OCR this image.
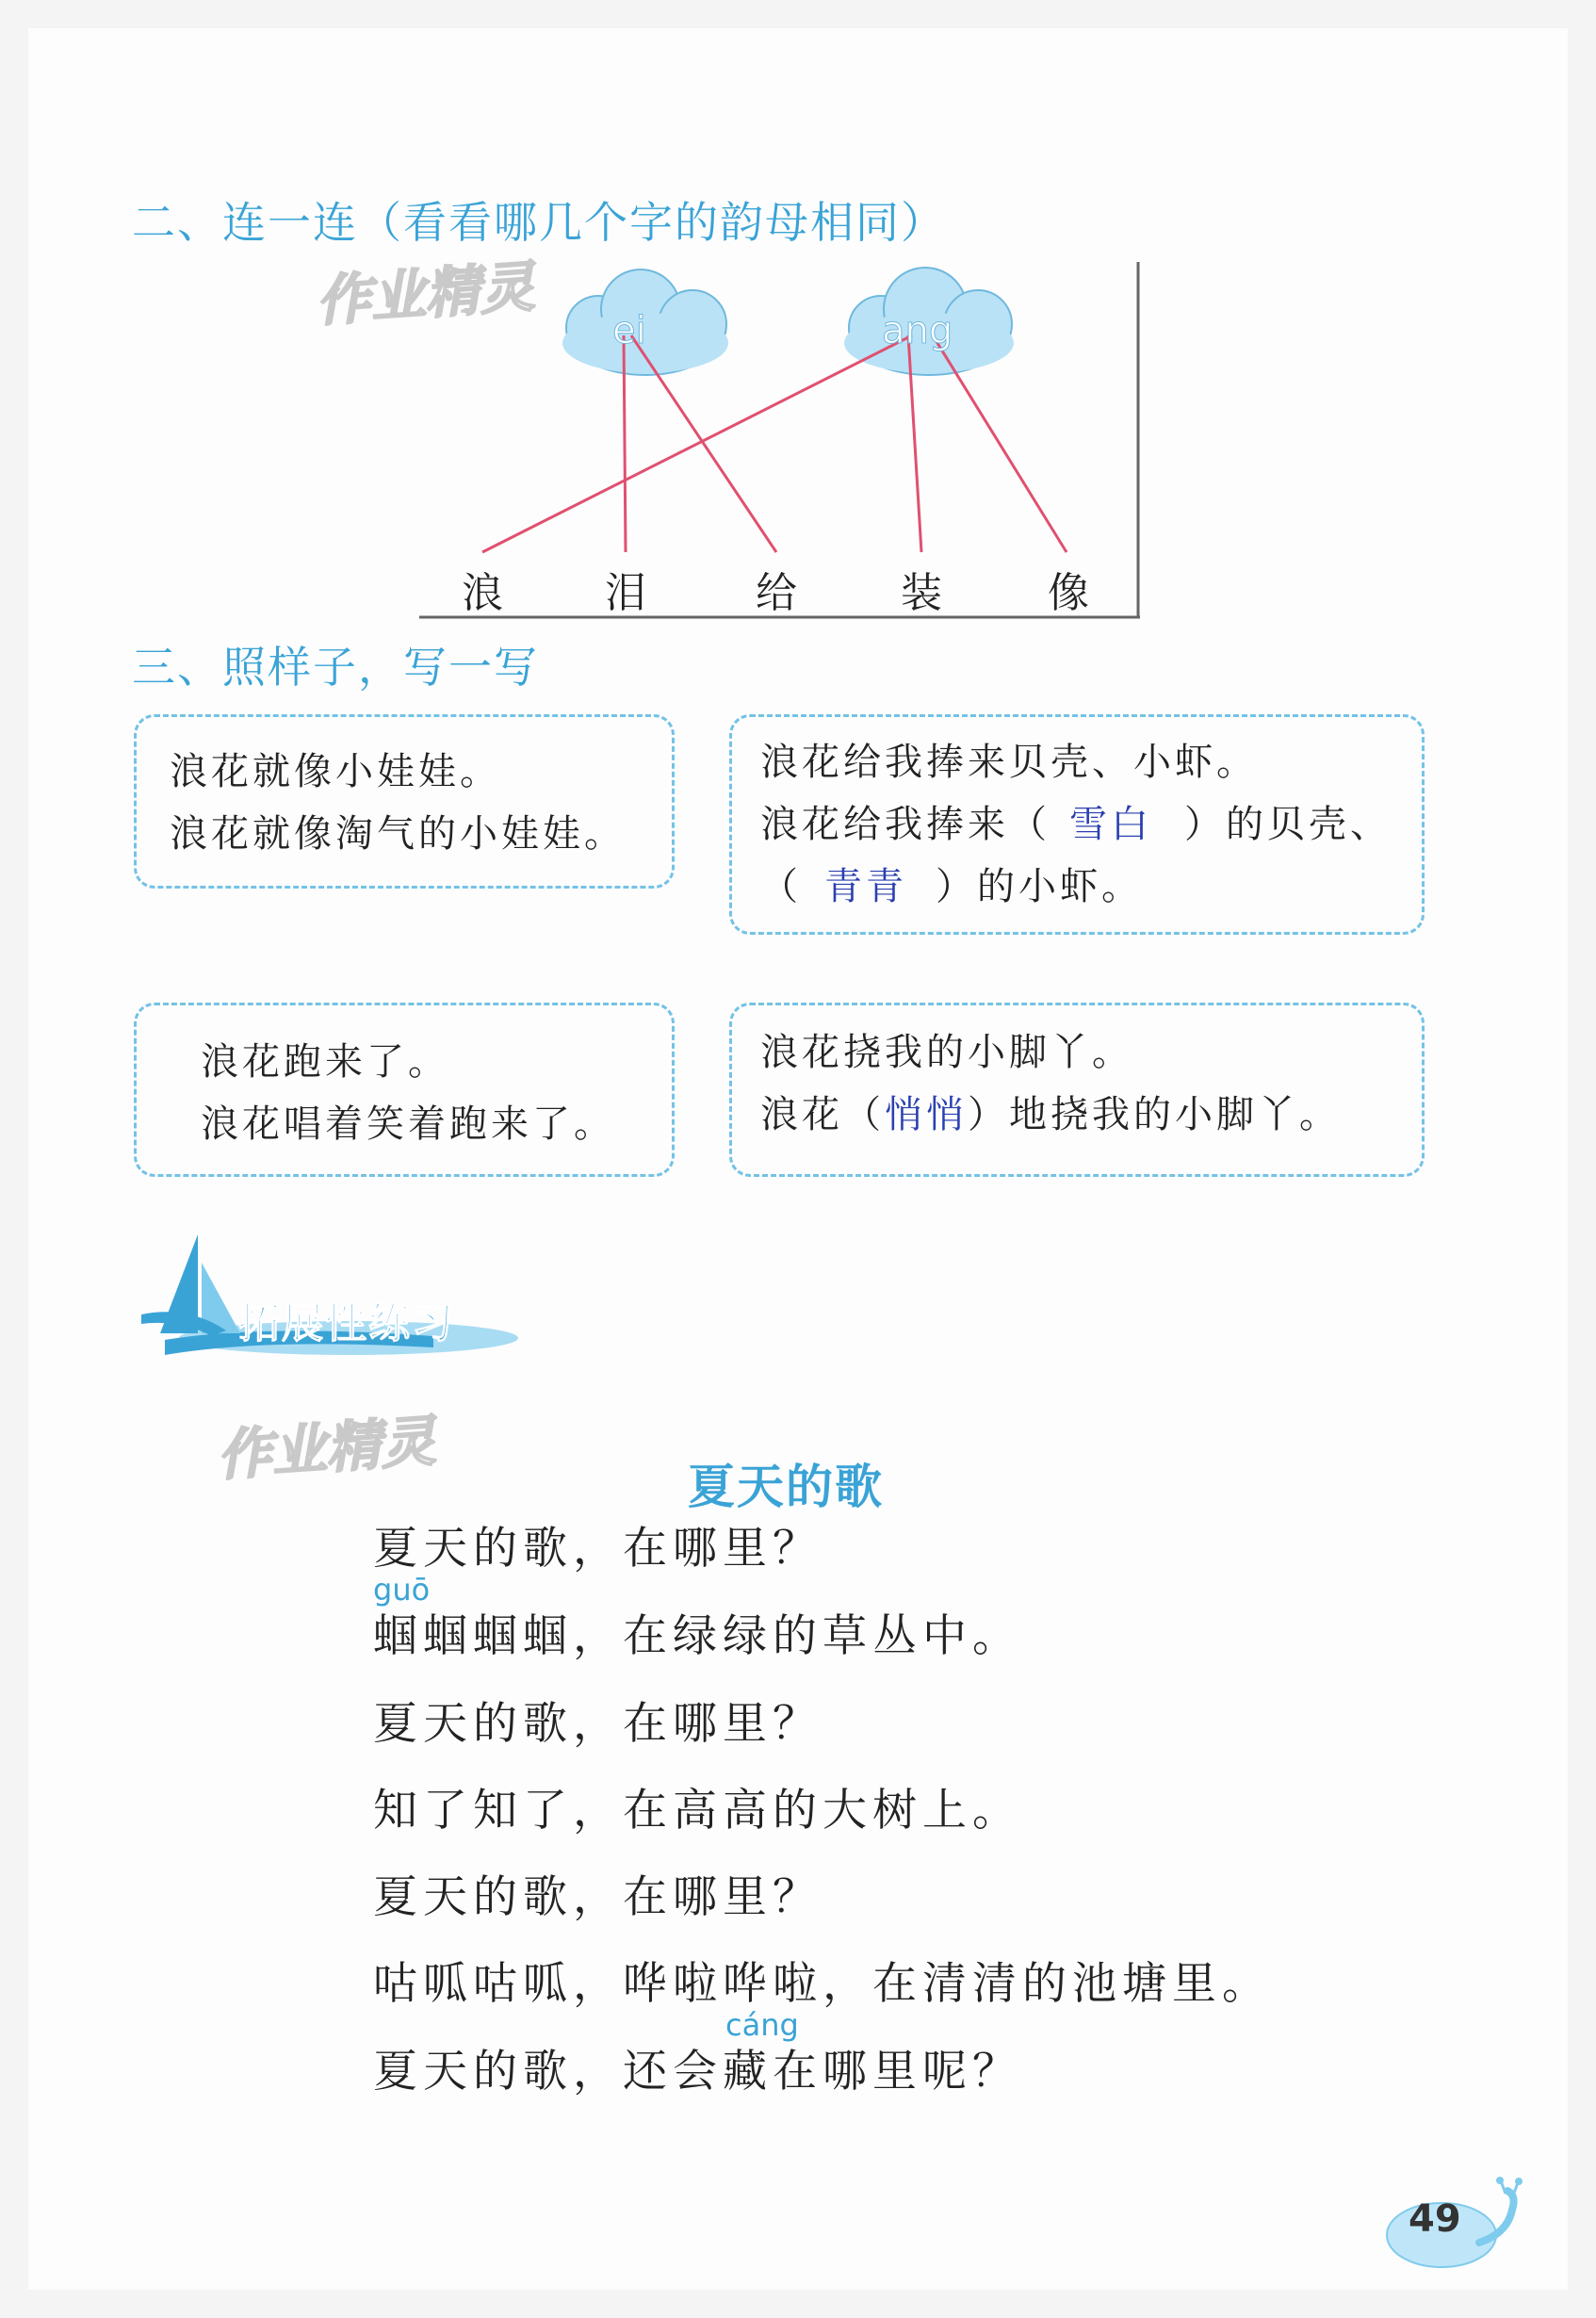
二、连一连（看看哪几个字的韵母相同）
作业精灵 ei	ang
浪 泪	给	装	像
三、照样子，写一写
浪花就像小娃娃。
浪花就像淘气的小娃娃。
浪花给我捧来贝壳、小虾。
浪花给我捧来（ 雪白 ）的贝壳、
（ 青青 ）的小虾。
浪花跑来了。
浪花唱着笑着跑来了。
浪花挠我的小脚丫。
浪花（悄悄）地挠我的小脚丫。
拓展性练习
作业精灵	夏天的歌
夏天的歌，在哪里？
guō
蝈蝈蝈蝈，在绿绿的草丛中。
夏天的歌，在哪里？
知了知了，在高高的大树上。
夏天的歌，在哪里？
咕呱咕呱，哗啦哗啦，在清清的池塘里。
cáng
夏天的歌，还会藏在哪里呢？
49
